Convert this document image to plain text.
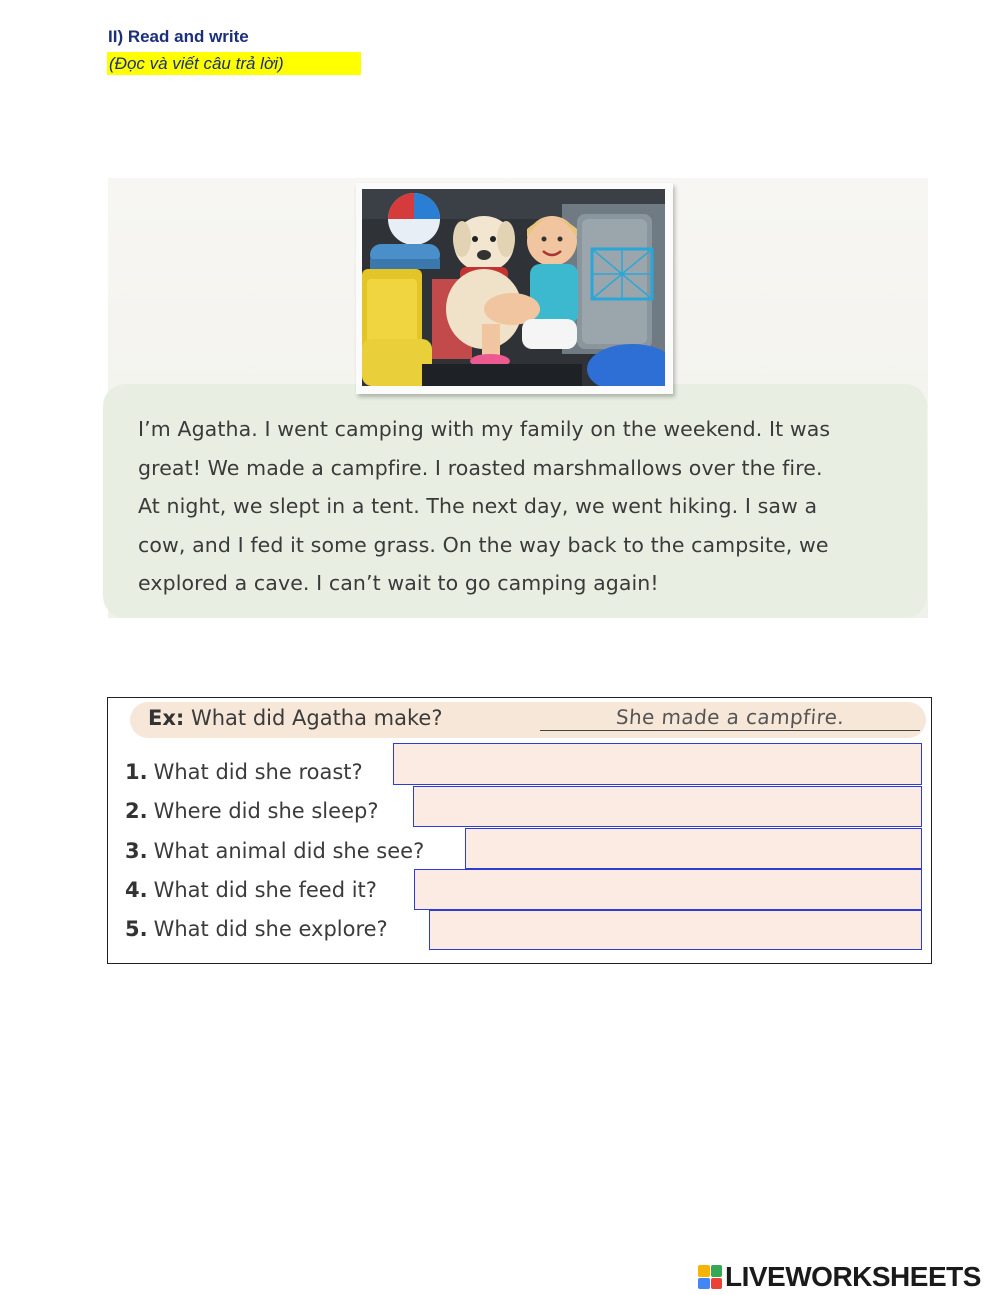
II) Read and write
(Đọc và viết câu trả lời)
I’m Agatha. I went camping with my family on the weekend. It was
great! We made a campfire. I roasted marshmallows over the fire.
At night, we slept in a tent. The next day, we went hiking. I saw a
cow, and I fed it some grass. On the way back to the campsite, we
explored a cave. I can’t wait to go camping again!
Ex: What did Agatha make?	She made a campfire.
1. What did she roast?
2. Where did she sleep?
3. What animal did she see?
4. What did she feed it?
5. What did she explore?
LIVEWORKSHEETS
